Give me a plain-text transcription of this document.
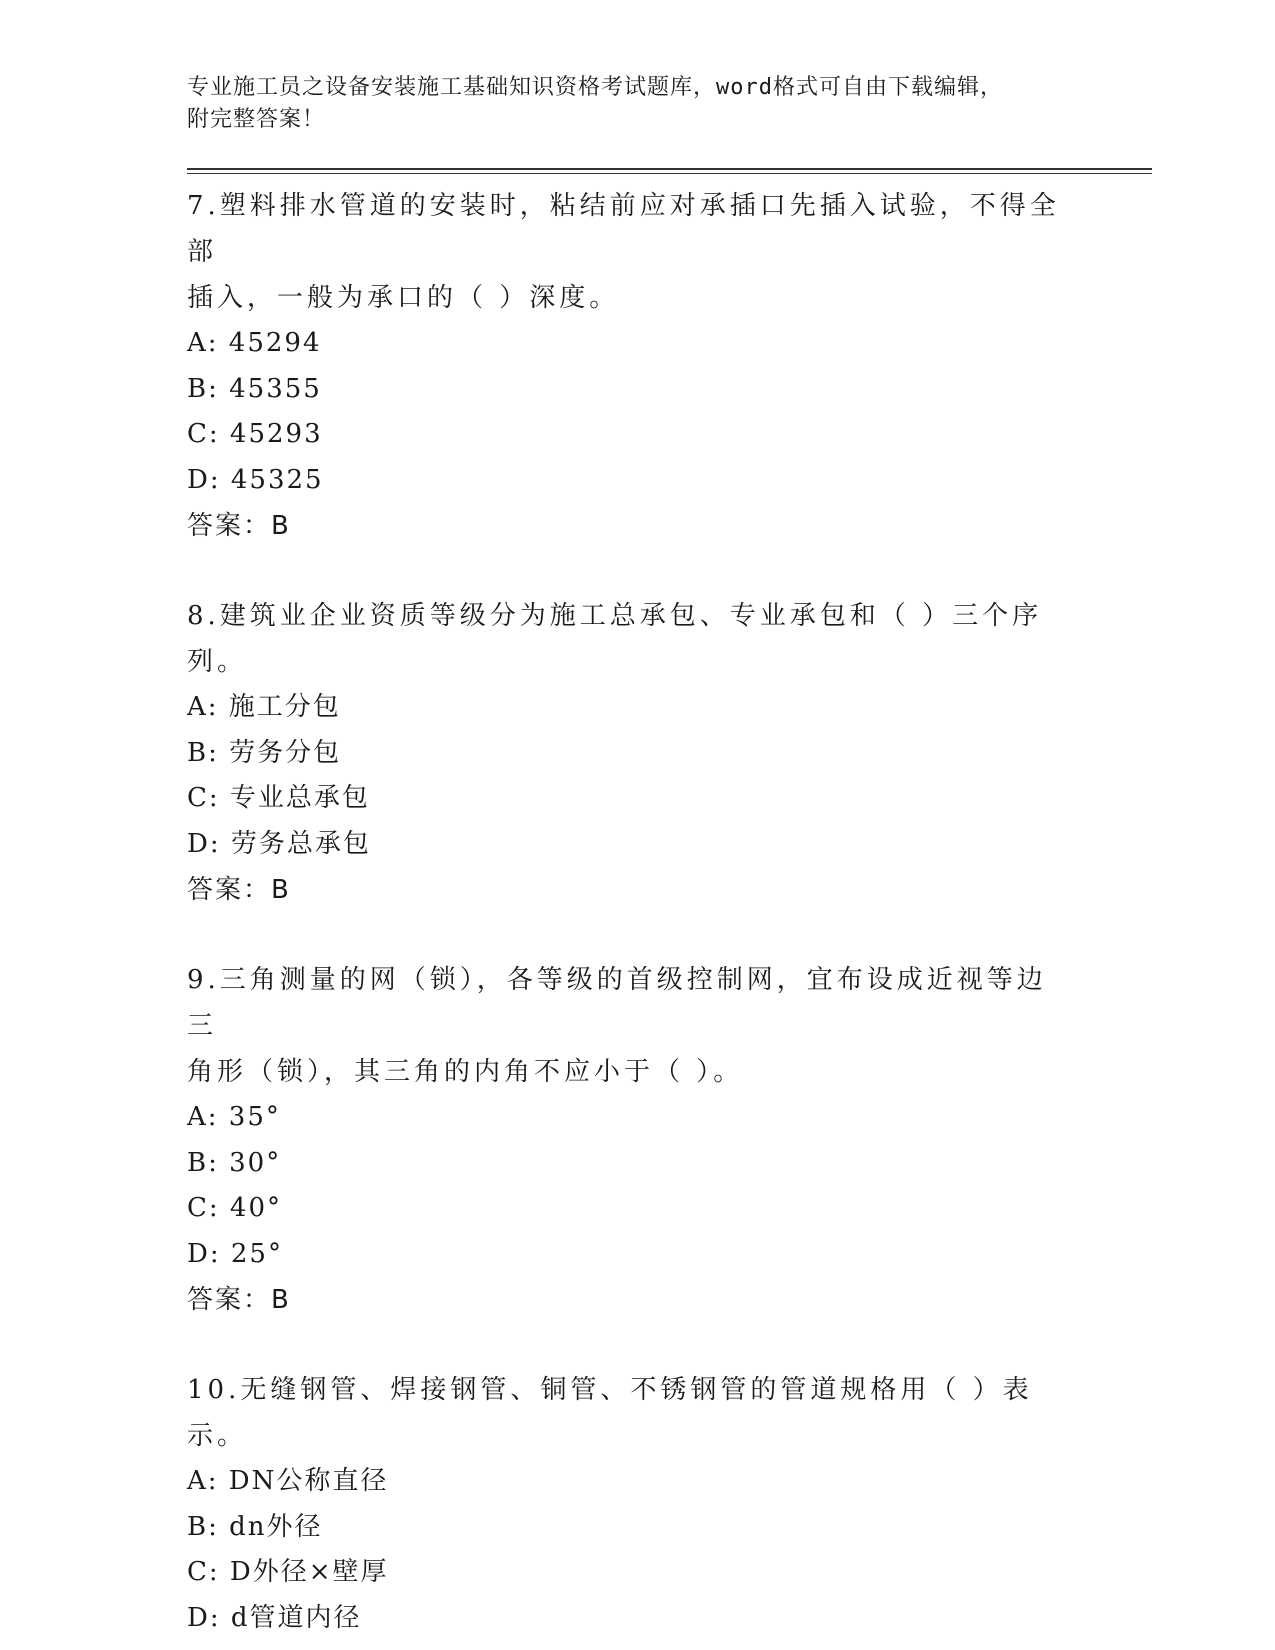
专业施工员之设备安装施工基础知识资格考试题库，word格式可自由下载编辑，
附完整答案！
7.塑料排水管道的安装时，粘结前应对承插口先插入试验，不得全部
插入，一般为承口的（ ）深度。
A: 45294
B: 45355
C: 45293
D: 45325
答案：B
8.建筑业企业资质等级分为施工总承包、专业承包和（ ）三个序列。
A: 施工分包
B: 劳务分包
C: 专业总承包
D: 劳务总承包
答案：B
9.三角测量的网（锁），各等级的首级控制网，宜布设成近视等边三
角形（锁），其三角的内角不应小于（ ）。
A: 35°
B: 30°
C: 40°
D: 25°
答案：B
10.无缝钢管、焊接钢管、铜管、不锈钢管的管道规格用（ ）表示。
A: DN公称直径
B: dn外径
C: D外径×壁厚
D: d管道内径
